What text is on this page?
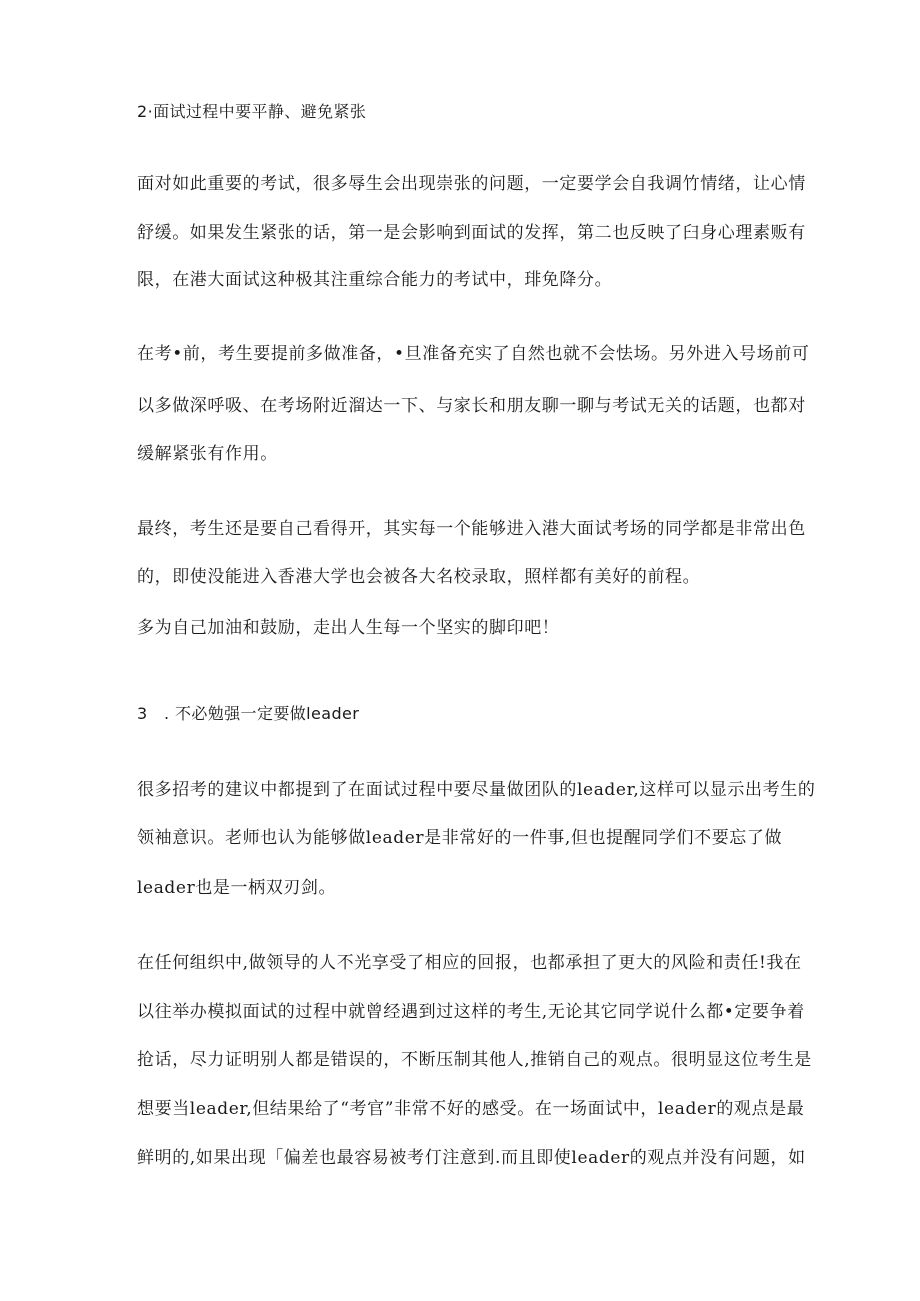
2·面试过程中要平静、避免紧张
面对如此重要的考试，很多辱生会出现崇张的问题，一定要学会自我调竹情绪，让心情
舒缓。如果发生紧张的话，第一是会影响到面试的发挥，第二也反映了臼身心理素贩有
限，在港大面试这种极其注重综合能力的考试中，琲免降分。
在考•前，考生要提前多做准备，•旦准备充实了自然也就不会怯场。另外进入号场前可
以多做深呼吸、在考场附近溜达一下、与家长和朋友聊一聊与考试无关的话题，也都对
缓解紧张有作用。
最终，考生还是要自己看得开，其实每一个能够进入港大面试考场的同学都是非常出色
的，即使没能进入香港大学也会被各大名校录取，照样都有美好的前程。
多为自己加油和鼓励，走出人生每一个坚实的脚印吧！
3　. 不必勉强一定要做leader
很多招考的建议中都提到了在面试过程中要尽量做团队的leader,这样可以显示出考生的
领袖意识。老师也认为能够做leader是非常好的一件事,但也提醒同学们不要忘了做
leader也是一柄双刃剑。
在任何组织中,做领导的人不光享受了相应的回报，也都承担了更大的风险和责任!我在
以往举办模拟面试的过程中就曾经遇到过这样的考生,无论其它同学说什么都•定要争着
抢话，尽力证明别人都是错误的，不断压制其他人,推销自己的观点。很明显这位考生是
想要当leader,但结果给了“考官”非常不好的感受。在一场面试中，leader的观点是最
鲜明的,如果出现「偏差也最容易被考仃注意到.而且即使leader的观点并没有问题，如
